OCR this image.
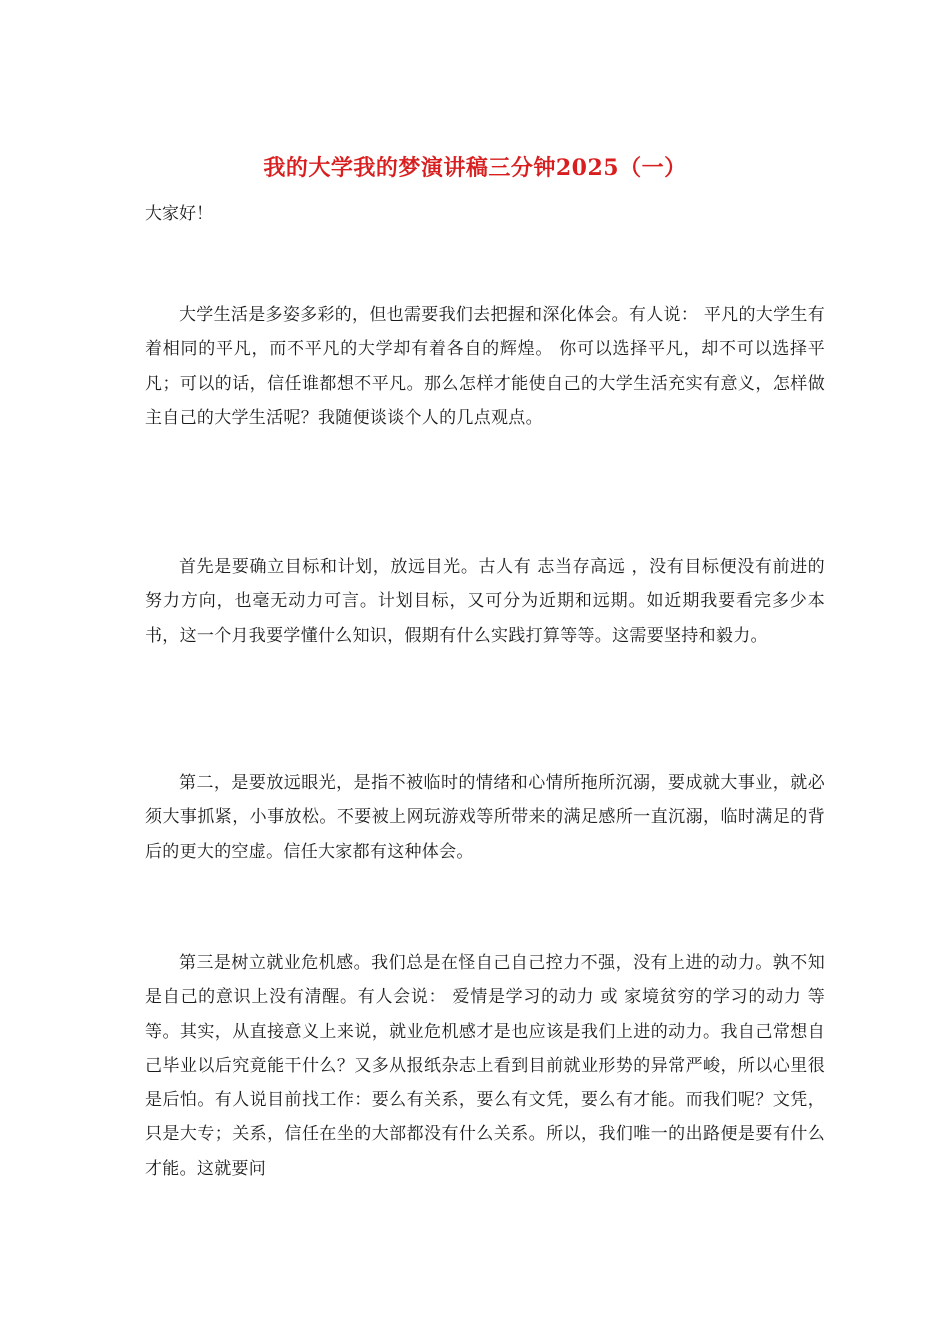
我的大学我的梦演讲稿三分钟2025（一）

大家好！

大学生活是多姿多彩的，但也需要我们去把握和深化体会。有人说： 平凡的大学生有着相同的平凡，而不平凡的大学却有着各自的辉煌。 你可以选择平凡，却不可以选择平凡；可以的话，信任谁都想不平凡。那么怎样才能使自己的大学生活充实有意义，怎样做主自己的大学生活呢？我随便谈谈个人的几点观点。

首先是要确立目标和计划，放远目光。古人有 志当存高远 ，没有目标便没有前进的努力方向，也毫无动力可言。计划目标，又可分为近期和远期。如近期我要看完多少本书，这一个月我要学懂什么知识，假期有什么实践打算等等。这需要坚持和毅力。

第二，是要放远眼光，是指不被临时的情绪和心情所拖所沉溺，要成就大事业，就必须大事抓紧，小事放松。不要被上网玩游戏等所带来的满足感所一直沉溺，临时满足的背后的更大的空虚。信任大家都有这种体会。

第三是树立就业危机感。我们总是在怪自己自己控力不强，没有上进的动力。孰不知是自己的意识上没有清醒。有人会说： 爱情是学习的动力 或 家境贫穷的学习的动力 等等。其实，从直接意义上来说，就业危机感才是也应该是我们上进的动力。我自己常想自己毕业以后究竟能干什么？又多从报纸杂志上看到目前就业形势的异常严峻，所以心里很是后怕。有人说目前找工作：要么有关系，要么有文凭，要么有才能。而我们呢？文凭，只是大专；关系，信任在坐的大部都没有什么关系。所以，我们唯一的出路便是要有什么才能。这就要问
